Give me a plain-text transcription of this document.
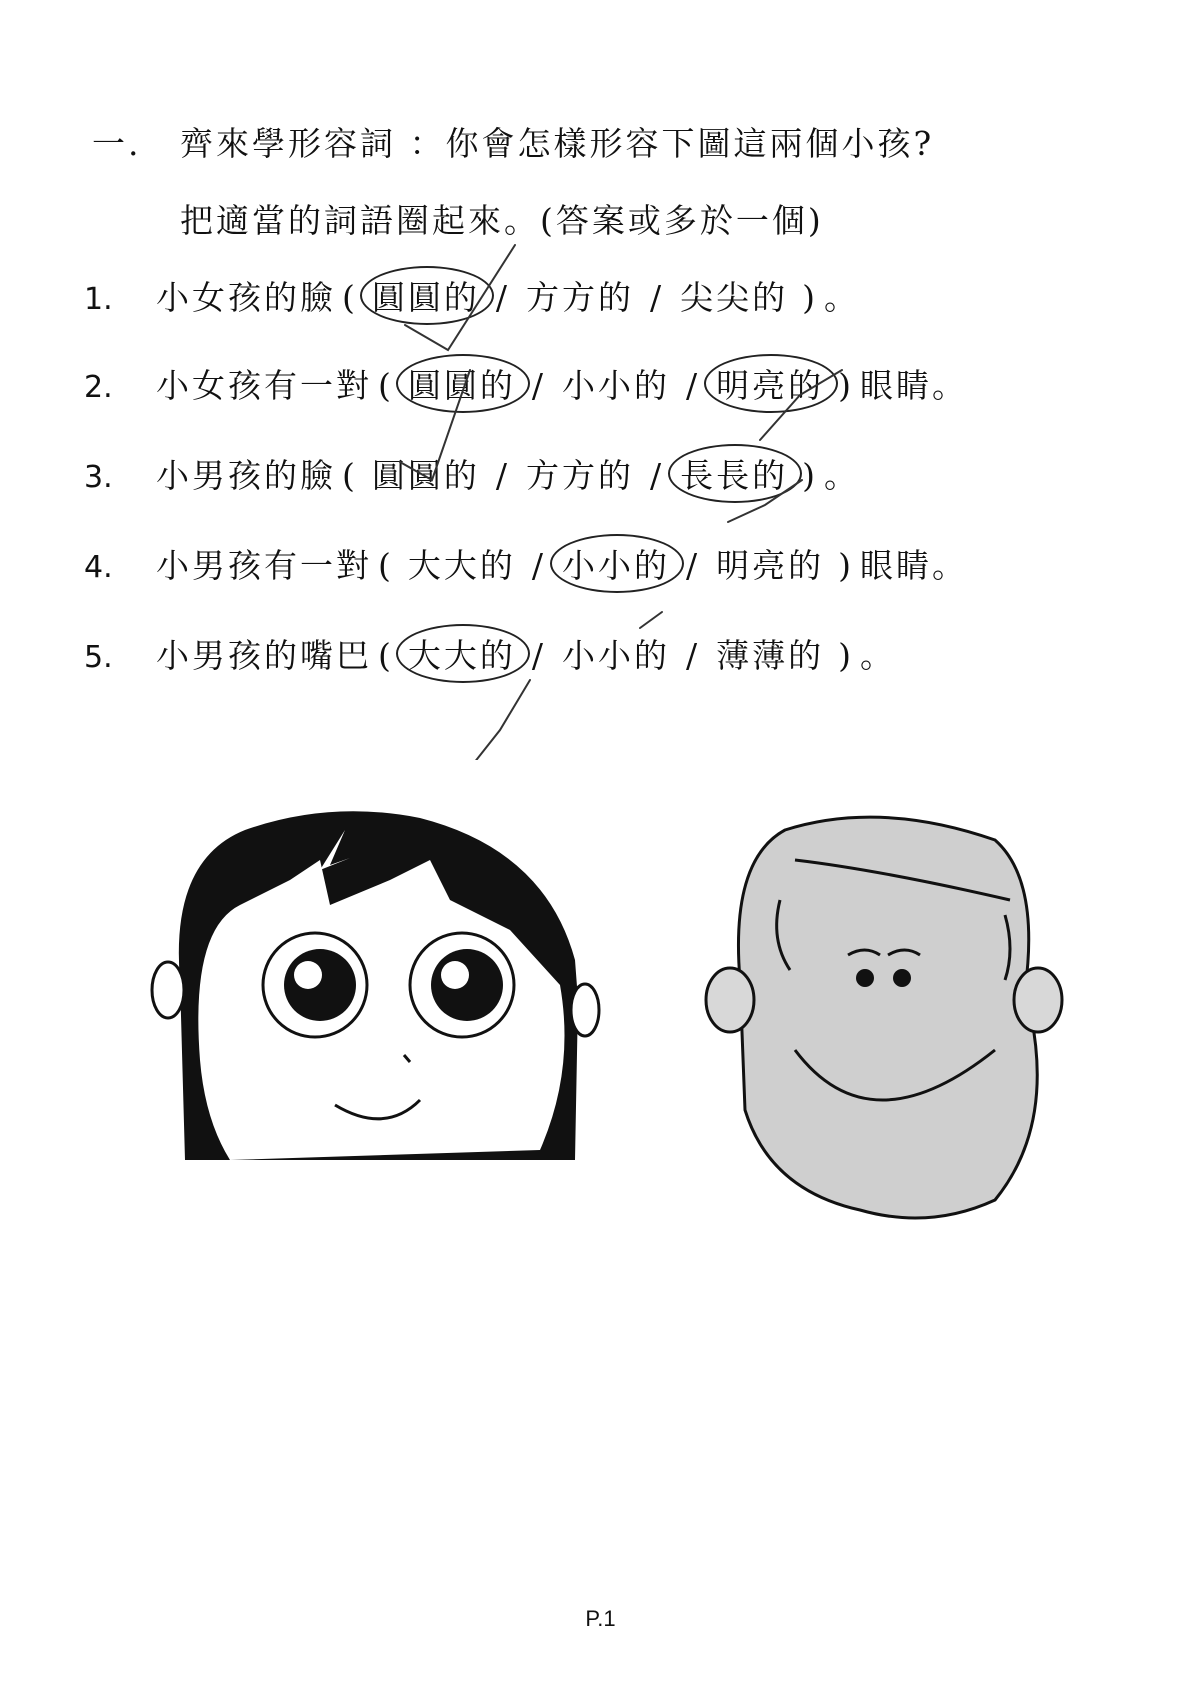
一. 齊來學形容詞 ：你會怎樣形容下圖這兩個小孩?
把適當的詞語圈起來。(答案或多於一個)
1. 小女孩的臉 ( 圓圓的 / 方方的 / 尖尖的 ) 。
2. 小女孩有一對 ( 圓圓的 / 小小的 / 明亮的 ) 眼睛。
3. 小男孩的臉 ( 圓圓的 / 方方的 / 長長的 ) 。
4. 小男孩有一對 ( 大大的 / 小小的 / 明亮的 ) 眼睛。
5. 小男孩的嘴巴 ( 大大的 / 小小的 / 薄薄的 ) 。
P.1
